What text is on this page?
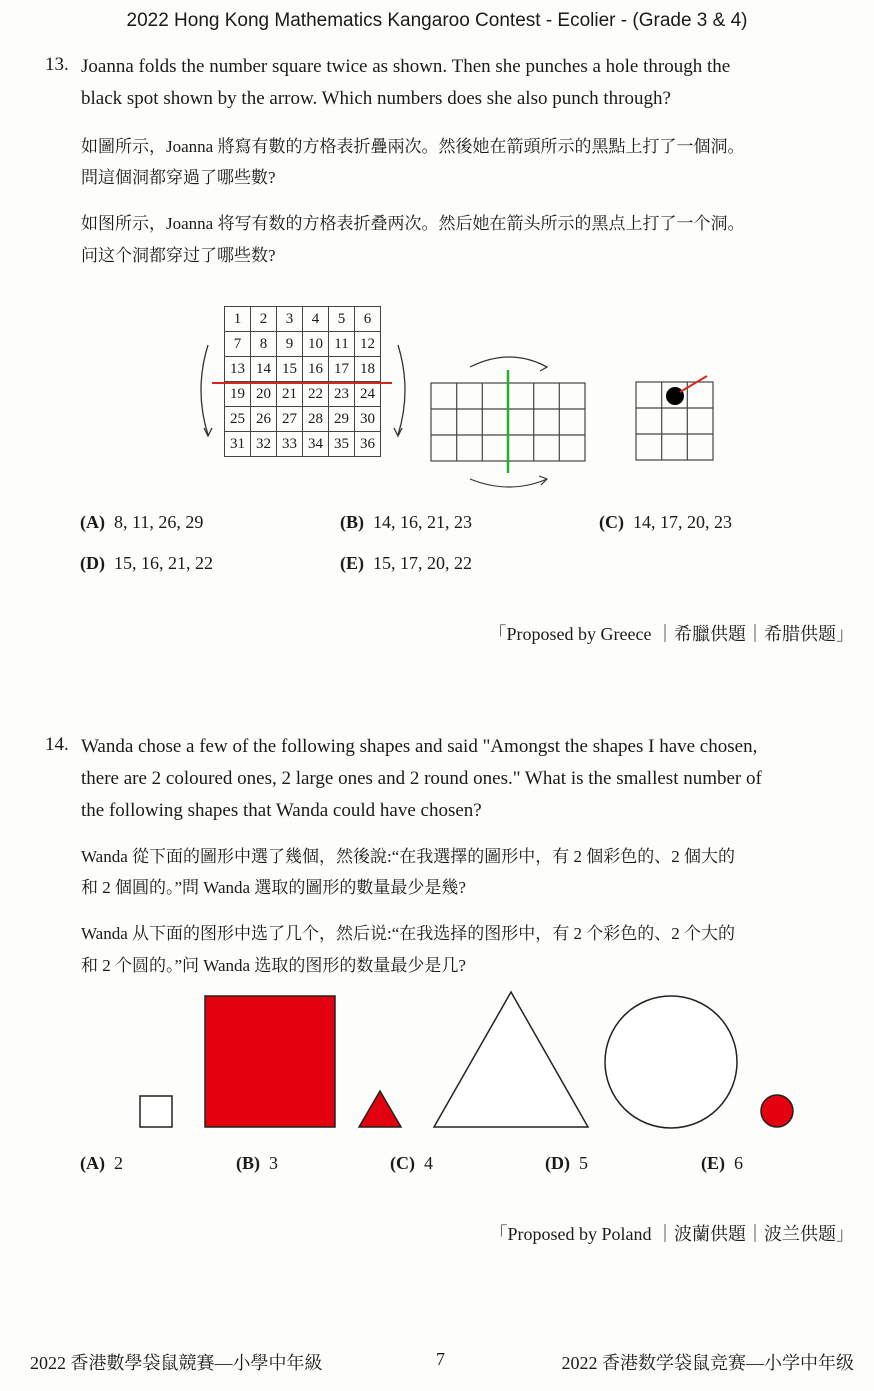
2022 Hong Kong Mathematics Kangaroo Contest - Ecolier - (Grade 3 & 4)
13. Joanna folds the number square twice as shown. Then she punches a hole through the
black spot shown by the arrow. Which numbers does she also punch through?
如圖所示，Joanna 將寫有數的方格表折疊兩次。然後她在箭頭所示的黑點上打了一個洞。
問這個洞都穿過了哪些數?
如图所示，Joanna 将写有数的方格表折叠两次。然后她在箭头所示的黑点上打了一个洞。
问这个洞都穿过了哪些数?
1	2	3	4	5	6
7	8	9	10	11	12
13	14	15	16	17	18
19	20	21	22	23	24
25	26	27	28	29	30
31	32	33	34	35	36
(A) 8, 11, 26, 29	(B) 14, 16, 21, 23	(C) 14, 17, 20, 23
(D) 15, 16, 21, 22	(E) 15, 17, 20, 22
「Proposed by Greece ｜希臘供題｜希腊供题」
14. Wanda chose a few of the following shapes and said "Amongst the shapes I have chosen,
there are 2 coloured ones, 2 large ones and 2 round ones." What is the smallest number of
the following shapes that Wanda could have chosen?
Wanda 從下面的圖形中選了幾個，然後說:“在我選擇的圖形中，有 2 個彩色的、2 個大的
和 2 個圓的。”問 Wanda 選取的圖形的數量最少是幾?
Wanda 从下面的图形中选了几个，然后说:“在我选择的图形中，有 2 个彩色的、2 个大的
和 2 个圆的。”问 Wanda 选取的图形的数量最少是几?
(A) 2	(B) 3	(C) 4	(D) 5	(E) 6
「Proposed by Poland ｜波蘭供題｜波兰供题」
2022 香港數學袋鼠競賽—小學中年級	7	2022 香港数学袋鼠竞赛—小学中年级
